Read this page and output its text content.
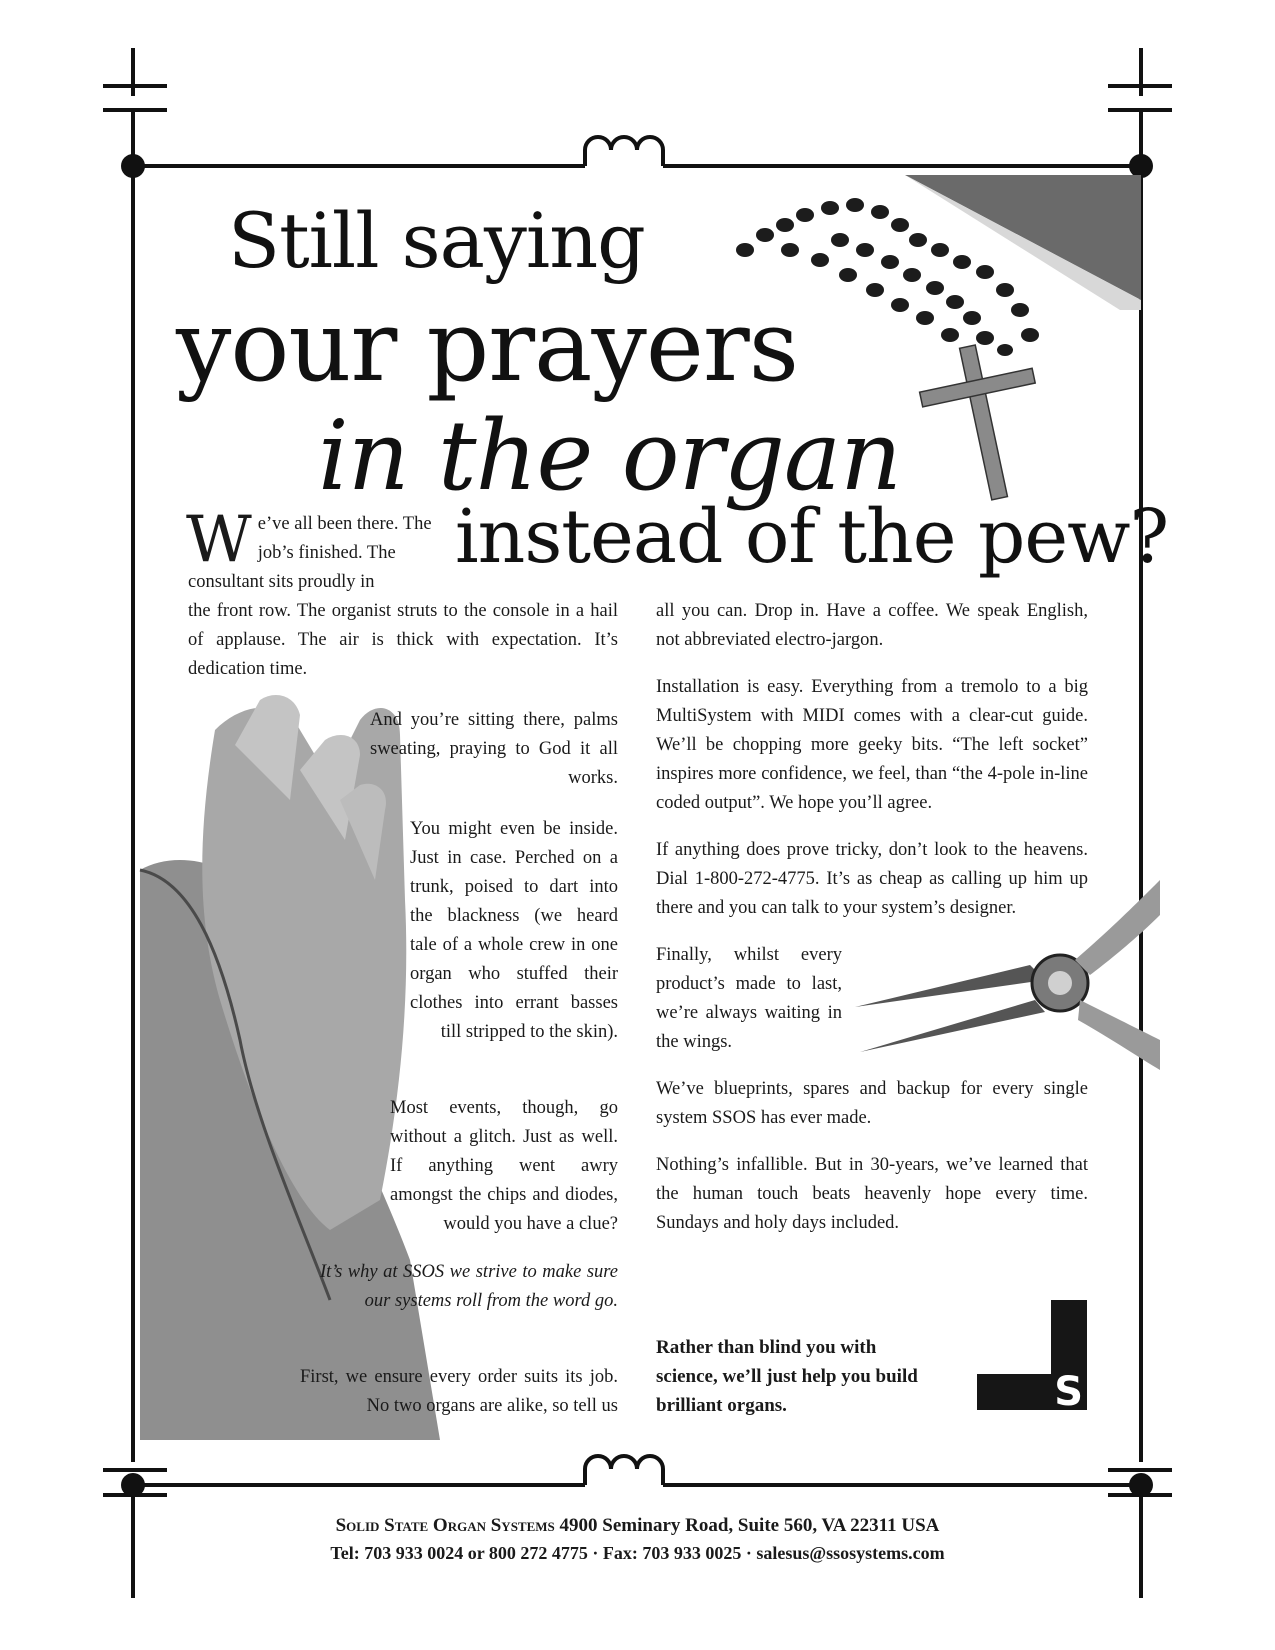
Still saying
your prayers
in the organ
instead of the pew?
We’ve all been there. The job’s finished. The consultant sits proudly in
the front row. The organist struts to the console in a hail of applause. The air is thick with expectation. It’s dedication time.
And you’re sitting there, palms sweating, praying to God it all works.
You might even be inside. Just in case. Perched on a trunk, poised to dart into the blackness (we heard tale of a whole crew in one organ who stuffed their clothes into errant basses till stripped to the skin).
Most events, though, go without a glitch. Just as well. If anything went awry amongst the chips and diodes, would you have a clue?
It’s why at SSOS we strive to make sure our systems roll from the word go.
First, we ensure every order suits its job. No two organs are alike, so tell us

all you can. Drop in. Have a coffee. We speak English, not abbreviated electro-jargon.

Installation is easy. Everything from a tremolo to a big MultiSystem with MIDI comes with a clear-cut guide. We’ll be chopping more geeky bits. “The left socket” inspires more confidence, we feel, than “the 4-pole in-line coded output”. We hope you’ll agree.

If anything does prove tricky, don’t look to the heavens. Dial 1-800-272-4775. It’s as cheap as calling up him up there and you can talk to your system’s designer.

Finally, whilst every product’s made to last, we’re always waiting in the wings.

We’ve blueprints, spares and backup for every single system SSOS has ever made.

Nothing’s infallible. But in 30-years, we’ve learned that the human touch beats heavenly hope every time. Sundays and holy days included.

Rather than blind you with science, we’ll just help you build brilliant organs.	S
Solid State Organ Systems 4900 Seminary Road, Suite 560, VA 22311 USA
Tel: 703 933 0024 or 800 272 4775 · Fax: 703 933 0025 · salesus@ssosystems.com
